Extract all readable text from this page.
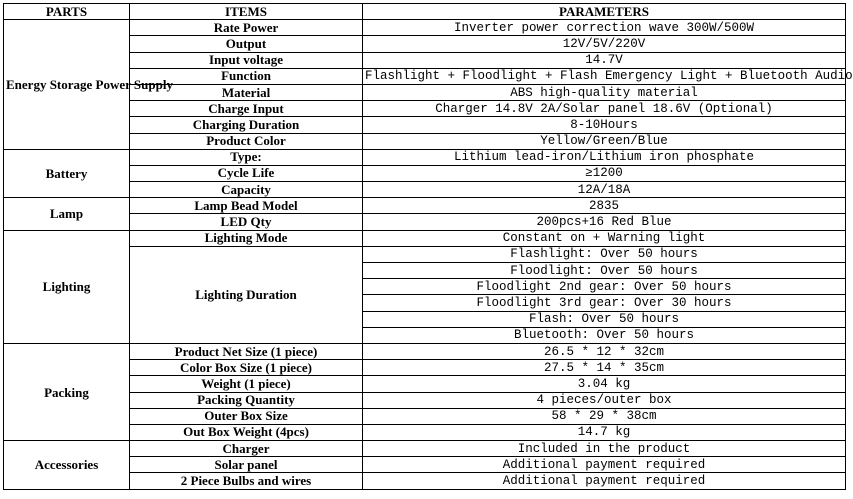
PARTS	ITEMS	PARAMETERS
Energy Storage Power Supply	Rate Power	Inverter power correction wave 300W/500W
	Output	12V/5V/220V
	Input voltage	14.7V
	Function	Flashlight + Floodlight + Flash Emergency Light + Bluetooth Audio
	Material	ABS high-quality material
	Charge Input	Charger 14.8V 2A/Solar panel 18.6V (Optional)
	Charging Duration	8-10Hours
	Product Color	Yellow/Green/Blue
Battery	Type:	Lithium lead-iron/Lithium iron phosphate
	Cycle Life	≥1200
	Capacity	12A/18A
Lamp	Lamp Bead Model	2835
	LED Qty	200pcs+16 Red Blue
Lighting	Lighting Mode	Constant on + Warning light
	Lighting Duration	Flashlight: Over 50 hours
		Floodlight: Over 50 hours
		Floodlight 2nd gear: Over 50 hours
		Floodlight 3rd gear: Over 30 hours
		Flash: Over 50 hours
		Bluetooth: Over 50 hours
Packing	Product Net Size (1 piece)	26.5 * 12 * 32cm
	Color Box Size (1 piece)	27.5 * 14 * 35cm
	Weight (1 piece)	3.04 kg
	Packing Quantity	4 pieces/outer box
	Outer Box Size	58 * 29 * 38cm
	Out Box Weight (4pcs)	14.7 kg
Accessories	Charger	Included in the product
	Solar panel	Additional payment required
	2 Piece Bulbs and wires	Additional payment required
